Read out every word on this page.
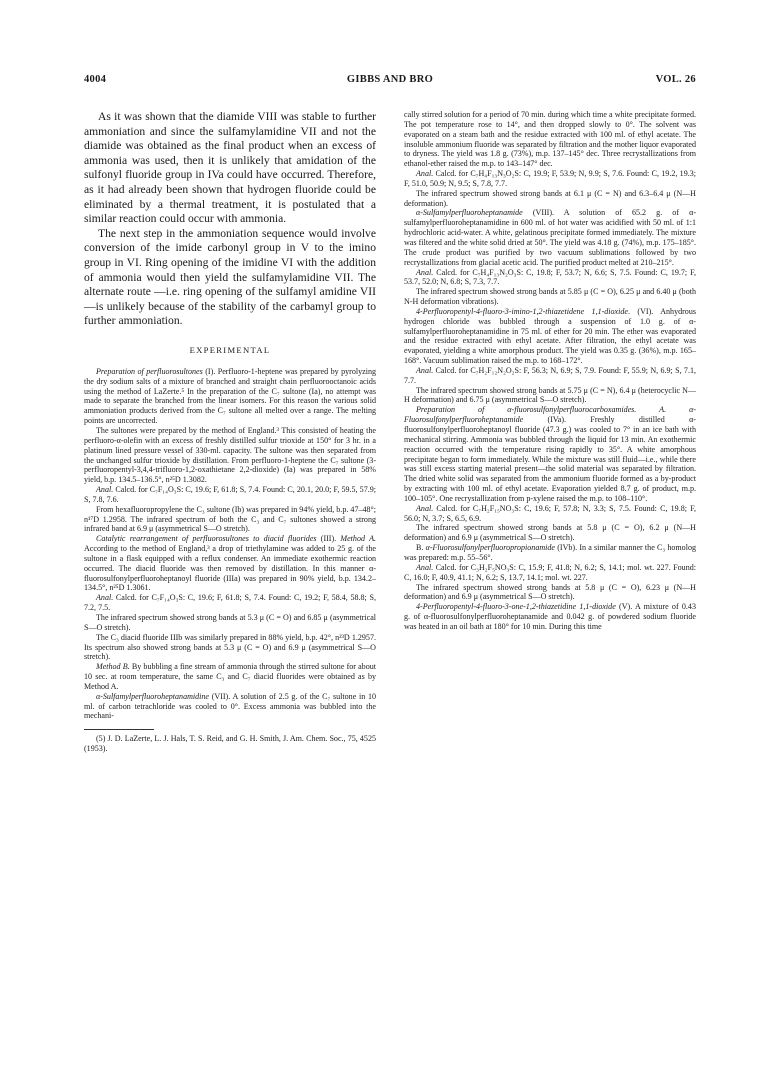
4004	GIBBS AND BRO	VOL. 26

As it was shown that the diamide VIII was stable to further ammoniation and since the sulfamylamidine VII and not the diamide was obtained as the final product when an excess of ammonia was used, then it is unlikely that amidation of the sulfonyl fluoride group in IVa could have occurred. Therefore, as it had already been shown that hydrogen fluoride could be eliminated by a thermal treatment, it is postulated that a similar reaction could occur with ammonia.

The next step in the ammoniation sequence would involve conversion of the imide carbonyl group in V to the imino group in VI. Ring opening of the imidine VI with the addition of ammonia would then yield the sulfamylamidine VII. The alternate route —i.e. ring opening of the sulfamyl amidine VII—is unlikely because of the stability of the carbamyl group to further ammoniation.

EXPERIMENTAL

Preparation of perfluorosultones (I). Perfluoro-1-heptene was prepared by pyrolyzing the dry sodium salts of a mixture of branched and straight chain perfluorooctanoic acids using the method of LaZerte.⁵ In the preparation of the C₇ sultone (Ia), no attempt was made to separate the branched from the linear isomers. For this reason the various solid ammoniation products derived from the C₇ sultone all melted over a range. The melting points are uncorrected.

The sultones were prepared by the method of England.³ This consisted of heating the perfluoro-α-olefin with an excess of freshly distilled sulfur trioxide at 150° for 3 hr. in a platinum lined pressure vessel of 330-ml. capacity. The sultone was then separated from the unchanged sulfur trioxide by distillation. From perfluoro-1-heptene the C₇ sultone (3-perfluoropentyl-3,4,4-trifluoro-1,2-oxathietane 2,2-dioxide) (Ia) was prepared in 58% yield, b.p. 134.5–136.5°, n²⁵D 1.3082.

Anal. Calcd. for C₇F₁₄O₃S: C, 19.6; F, 61.8; S, 7.4. Found: C, 20.1, 20.0; F, 59.5, 57.9; S, 7.8, 7.6.

From hexafluoropropylene the C₃ sultone (Ib) was prepared in 94% yield, b.p. 47–48°; n¹⁷D 1.2958. The infrared spectrum of both the C₃ and C₇ sultones showed a strong infrared band at 6.9 μ (asymmetrical S—O stretch).

Catalytic rearrangement of perfluorosultones to diacid fluorides (III). Method A. According to the method of England,³ a drop of triethylamine was added to 25 g. of the sultone in a flask equipped with a reflux condenser. An immediate exothermic reaction occurred. The diacid fluoride was then removed by distillation. In this manner α-fluorosulfonylperfluoroheptanoyl fluoride (IIIa) was prepared in 90% yield, b.p. 134.2–134.5°, n²⁵D 1.3061.

Anal. Calcd. for C₇F₁₄O₃S: C, 19.6; F, 61.8; S, 7.4. Found: C, 19.2; F, 58.4, 58.8; S, 7.2, 7.5.

The infrared spectrum showed strong bands at 5.3 μ (C = O) and 6.85 μ (asymmetrical S—O stretch).

The C₃ diacid fluoride IIIb was similarly prepared in 88% yield, b.p. 42°, n²³D 1.2957. Its spectrum also showed strong bands at 5.3 μ (C = O) and 6.9 μ (asymmetrical S—O stretch).

Method B. By bubbling a fine stream of ammonia through the stirred sultone for about 10 sec. at room temperature, the same C₃ and C₇ diacid fluorides were obtained as by Method A.

α-Sulfamylperfluoroheptanamidine (VII). A solution of 2.5 g. of the C₇ sultone in 10 ml. of carbon tetrachloride was cooled to 0°. Excess ammonia was bubbled into the mechani-

(5) J. D. LaZerte, L. J. Hals, T. S. Reid, and G. H. Smith, J. Am. Chem. Soc., 75, 4525 (1953).

cally stirred solution for a period of 70 min. during which time a white precipitate formed. The pot temperature rose to 14°, and then dropped slowly to 0°. The solvent was evaporated on a steam bath and the residue extracted with 100 ml. of ethyl acetate. The insoluble ammonium fluoride was separated by filtration and the mother liquor evaporated to dryness. The yield was 1.8 g. (73%), m.p. 137–145° dec. Three recrystallizations from ethanol-ether raised the m.p. to 143–147° dec.

Anal. Calcd. for C₇H₄F₁₃N₃O₂S: C, 19.9; F, 53.9; N, 9.9; S, 7.6. Found: C, 19.2, 19.3; F, 51.0, 50.9; N, 9.5; S, 7.8, 7.7.

The infrared spectrum showed strong bands at 6.1 μ (C = N) and 6.3–6.4 μ (N—H deformation).

α-Sulfamylperfluoroheptanamide (VIII). A solution of 65.2 g. of α-sulfamylperfluoroheptanamidine in 600 ml. of hot water was acidified with 50 ml. of 1:1 hydrochloric acid-water. A white, gelatinous precipitate formed immediately. The mixture was filtered and the white solid dried at 50°. The yield was 4.18 g. (74%), m.p. 175–185°. The crude product was purified by two vacuum sublimations followed by two recrystallizations from glacial acetic acid. The purified product melted at 210–215°.

Anal. Calcd. for C₇H₄F₁₃N₂O₃S: C, 19.8; F, 53.7; N, 6.6; S, 7.5. Found: C, 19.7; F, 53.7, 52.0; N, 6.8; S, 7.3, 7.7.

The infrared spectrum showed strong bands at 5.85 μ (C = O), 6.25 μ and 6.40 μ (both N-H deformation vibrations).

4-Perfluoropentyl-4-fluoro-3-imino-1,2-thiazetidene 1,1-dioxide. (VI). Anhydrous hydrogen chloride was bubbled through a suspension of 1.0 g. of α-sulfamylperfluoroheptanamidine in 75 ml. of ether for 20 min. The ether was evaporated and the residue extracted with ethyl acetate. After filtration, the ethyl acetate was evaporated, yielding a white amorphous product. The yield was 0.35 g. (36%), m.p. 165–168°. Vacuum sublimation raised the m.p. to 168–172°.

Anal. Calcd. for C₇H₂F₁₂N₂O₂S: F, 56.3; N, 6.9; S, 7.9. Found: F, 55.9; N, 6.9; S, 7.1, 7.7.

The infrared spectrum showed strong bands at 5.75 μ (C = N), 6.4 μ (heterocyclic N—H deformation) and 6.75 μ (asymmetrical S—O stretch).

Preparation of α-fluorosulfonylperfluorocarboxamides. A. α-Fluorosulfonylperfluoroheptanamide (IVa). Freshly distilled α-fluorosulfonylperfluoroheptanoyl fluoride (47.3 g.) was cooled to 7° in an ice bath with mechanical stirring. Ammonia was bubbled through the liquid for 13 min. An exothermic reaction occurred with the temperature rising rapidly to 35°. A white amorphous precipitate began to form immediately. While the mixture was still fluid—i.e., while there was still excess starting material present—the solid material was separated by filtration. The dried white solid was separated from the ammonium fluoride formed as a by-product by extracting with 100 ml. of ethyl acetate. Evaporation yielded 8.7 g. of product, m.p. 100–105°. One recrystallization from p-xylene raised the m.p. to 108–110°.

Anal. Calcd. for C₇H₂F₁₅NO₃S: C, 19.6; F, 57.8; N, 3.3; S, 7.5. Found: C, 19.8; F, 56.0; N, 3.7; S, 6.5, 6.9.

The infrared spectrum showed strong bands at 5.8 μ (C = O), 6.2 μ (N—H deformation) and 6.9 μ (asymmetrical S—O stretch).

B. α-Fluorosulfonylperfluoropropionamide (IVb). In a similar manner the C₃ homolog was prepared: m.p. 55–56°.

Anal. Calcd. for C₃H₂F₅NO₃S: C, 15.9; F, 41.8; N, 6.2; S, 14.1; mol. wt. 227. Found: C, 16.0; F, 40.9, 41.1; N, 6.2; S, 13.7, 14.1; mol. wt. 227.

The infrared spectrum showed strong bands at 5.8 μ (C = O), 6.23 μ (N—H deformation) and 6.9 μ (asymmetrical S—O stretch).

4-Perfluoropentyl-4-fluoro-3-one-1,2-thiazetidine 1,1-dioxide (V). A mixture of 0.43 g. of α-fluorosulfonylperfluoroheptanamide and 0.042 g. of powdered sodium fluoride was heated in an oil bath at 180° for 10 min. During this time
